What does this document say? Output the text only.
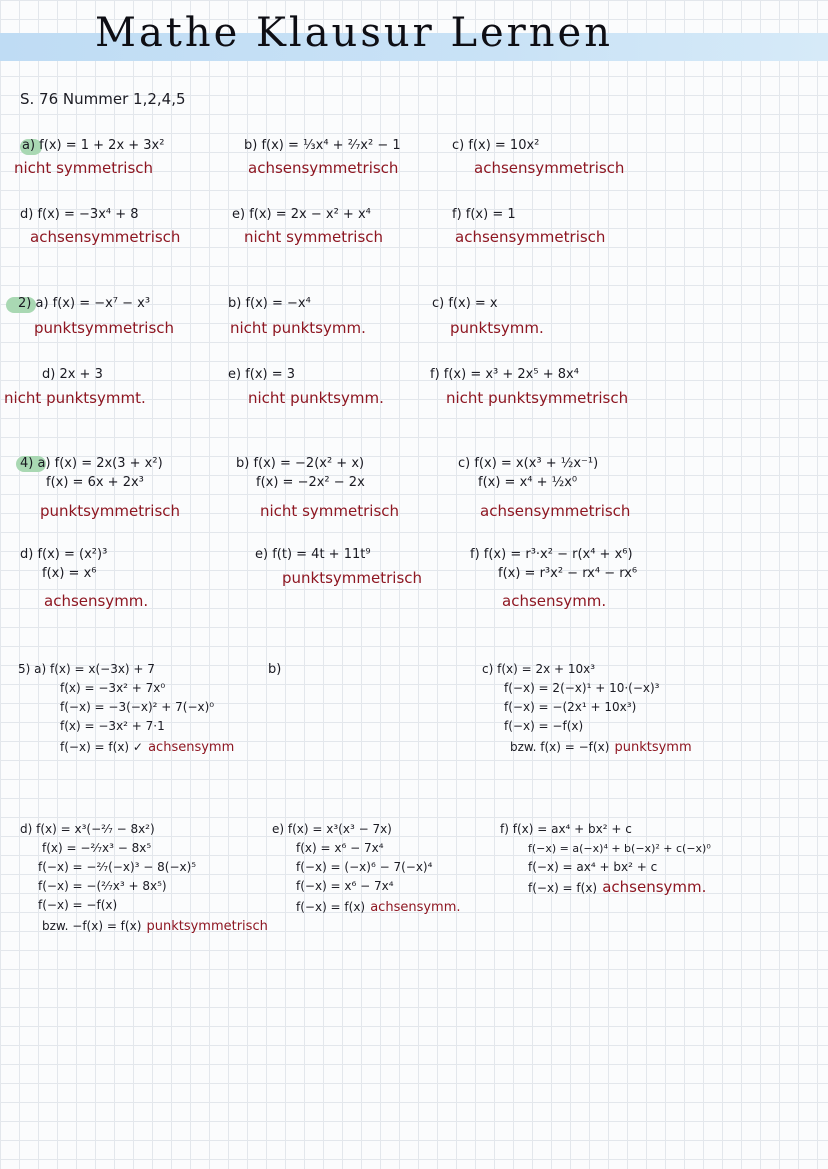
Mathe Klausur Lernen
S. 76 Nummer 1,2,4,5
a) f(x) = 1 + 2x + 3x²
nicht symmetrisch
b) f(x) = ⅓x⁴ + ²⁄₇x² − 1
achsensymmetrisch
c) f(x) = 10x²
achsensymmetrisch
d) f(x) = −3x⁴ + 8
achsensymmetrisch
e) f(x) = 2x − x² + x⁴
nicht symmetrisch
f) f(x) = 1
achsensymmetrisch
2) a) f(x) = −x⁷ − x³
punktsymmetrisch
b) f(x) = −x⁴
nicht punktsymm.
c) f(x) = x
punktsymm.
d) 2x + 3
nicht punktsymmt.
e) f(x) = 3
nicht punktsymm.
f) f(x) = x³ + 2x⁵ + 8x⁴
nicht punktsymmetrisch
4) a) f(x) = 2x(3 + x²)
f(x) = 6x + 2x³
punktsymmetrisch
b) f(x) = −2(x² + x)
f(x) = −2x² − 2x
nicht symmetrisch
c) f(x) = x(x³ + ½x⁻¹)
f(x) = x⁴ + ½x⁰
achsensymmetrisch
d) f(x) = (x²)³
f(x) = x⁶
achsensymm.
e) f(t) = 4t + 11t⁹
punktsymmetrisch
f) f(x) = r³·x² − r(x⁴ + x⁶)
f(x) = r³x² − rx⁴ − rx⁶
achsensymm.
5) a) f(x) = x(−3x) + 7
f(x) = −3x² + 7x⁰
f(−x) = −3(−x)² + 7(−x)⁰
f(x) = −3x² + 7·1
f(−x) = f(x) ✓ achsensymm
b)	c) f(x) = 2x + 10x³
f(−x) = 2(−x)¹ + 10·(−x)³
f(−x) = −(2x¹ + 10x³)
f(−x) = −f(x)
bzw. f(x) = −f(x) punktsymm
d) f(x) = x³(−²⁄₇ − 8x²)
f(x) = −²⁄₇x³ − 8x⁵
f(−x) = −²⁄₇(−x)³ − 8(−x)⁵
f(−x) = −(²⁄₇x³ + 8x⁵)
f(−x) = −f(x)
bzw. −f(x) = f(x) punktsymmetrisch
e) f(x) = x³(x³ − 7x)
f(x) = x⁶ − 7x⁴
f(−x) = (−x)⁶ − 7(−x)⁴
f(−x) = x⁶ − 7x⁴
f(−x) = f(x) achsensymm.
f) f(x) = ax⁴ + bx² + c
f(−x) = a(−x)⁴ + b(−x)² + c(−x)⁰
f(−x) = ax⁴ + bx² + c
f(−x) = f(x) achsensymm.
